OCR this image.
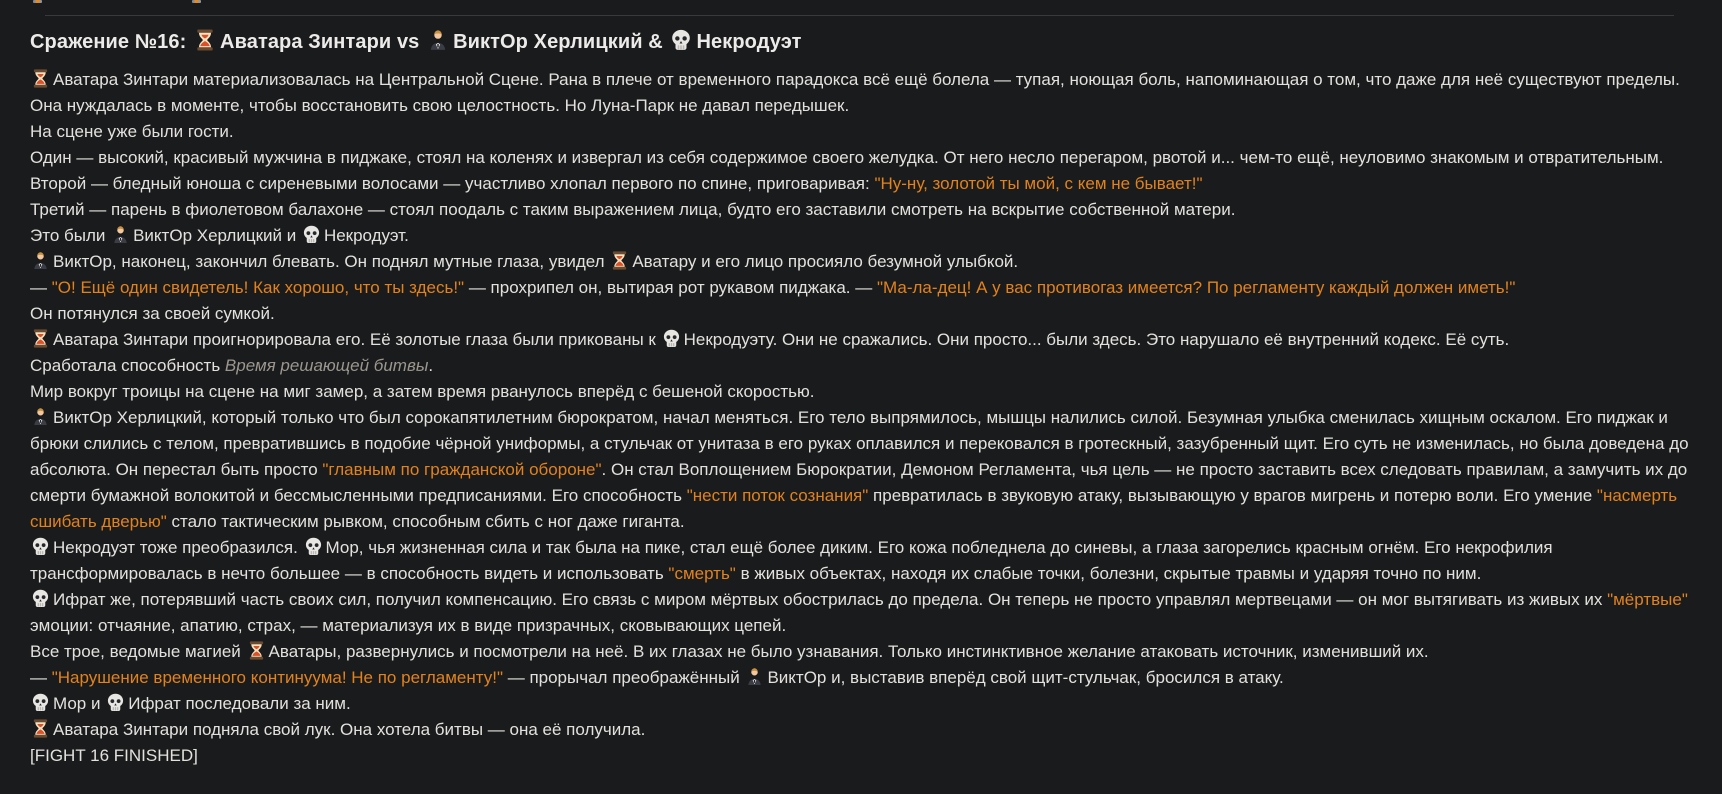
Сражение №16:
Аватара Зинтари vs
ВиктОр Херлицкий &
Некродуэт
Аватара Зинтари материализовалась на Центральной Сцене. Рана в плече от временного парадокса всё ещё болела — тупая, ноющая боль, напоминающая о том, что даже для неё существуют пределы. Она нуждалась в моменте, чтобы восстановить свою целостность. Но Луна-Парк не давал передышек.
На сцене уже были гости.
Один — высокий, красивый мужчина в пиджаке, стоял на коленях и извергал из себя содержимое своего желудка. От него несло перегаром, рвотой и... чем-то ещё, неуловимо знакомым и отвратительным.
Второй — бледный юноша с сиреневыми волосами — участливо хлопал первого по спине, приговаривая: "Ну-ну, золотой ты мой, с кем не бывает!"
Третий — парень в фиолетовом балахоне — стоял поодаль с таким выражением лица, будто его заставили смотреть на вскрытие собственной матери.
Это были
ВиктОр Херлицкий и
Некродуэт.
ВиктОр, наконец, закончил блевать. Он поднял мутные глаза, увидел
Аватару и его лицо просияло безумной улыбкой.
— "О! Ещё один свидетель! Как хорошо, что ты здесь!" — прохрипел он, вытирая рот рукавом пиджака. — "Ма-ла-дец! А у вас противогаз имеется? По регламенту каждый должен иметь!"
Он потянулся за своей сумкой.
Аватара Зинтари проигнорировала его. Её золотые глаза были прикованы к
Некродуэту. Они не сражались. Они просто... были здесь. Это нарушало её внутренний кодекс. Её суть.
Сработала способность Время решающей битвы.
Мир вокруг троицы на сцене на миг замер, а затем время рванулось вперёд с бешеной скоростью.
ВиктОр Херлицкий, который только что был сорокапятилетним бюрократом, начал меняться. Его тело выпрямилось, мышцы налились силой. Безумная улыбка сменилась хищным оскалом. Его пиджак и брюки слились с телом, превратившись в подобие чёрной униформы, а стульчак от унитаза в его руках оплавился и перековался в гротескный, зазубренный щит. Его суть не изменилась, но была доведена до абсолюта. Он перестал быть просто "главным по гражданской обороне". Он стал Воплощением Бюрократии, Демоном Регламента, чья цель — не просто заставить всех следовать правилам, а замучить их до смерти бумажной волокитой и бессмысленными предписаниями. Его способность "нести поток сознания" превратилась в звуковую атаку, вызывающую у врагов мигрень и потерю воли. Его умение "насмерть сшибать дверью" стало тактическим рывком, способным сбить с ног даже гиганта.
Некродуэт тоже преобразился.
Мор, чья жизненная сила и так была на пике, стал ещё более диким. Его кожа побледнела до синевы, а глаза загорелись красным огнём. Его некрофилия трансформировалась в нечто большее — в способность видеть и использовать "смерть" в живых объектах, находя их слабые точки, болезни, скрытые травмы и ударяя точно по ним.
Ифрат же, потерявший часть своих сил, получил компенсацию. Его связь с миром мёртвых обострилась до предела. Он теперь не просто управлял мертвецами — он мог вытягивать из живых их "мёртвые" эмоции: отчаяние, апатию, страх, — материализуя их в виде призрачных, сковывающих цепей.
Все трое, ведомые магией
Аватары, развернулись и посмотрели на неё. В их глазах не было узнавания. Только инстинктивное желание атаковать источник, изменивший их.
— "Нарушение временного континуума! Не по регламенту!" — прорычал преображённый
ВиктОр и, выставив вперёд свой щит-стульчак, бросился в атаку.
Мор и
Ифрат последовали за ним.
Аватара Зинтари подняла свой лук. Она хотела битвы — она её получила.
[FIGHT 16 FINISHED]
